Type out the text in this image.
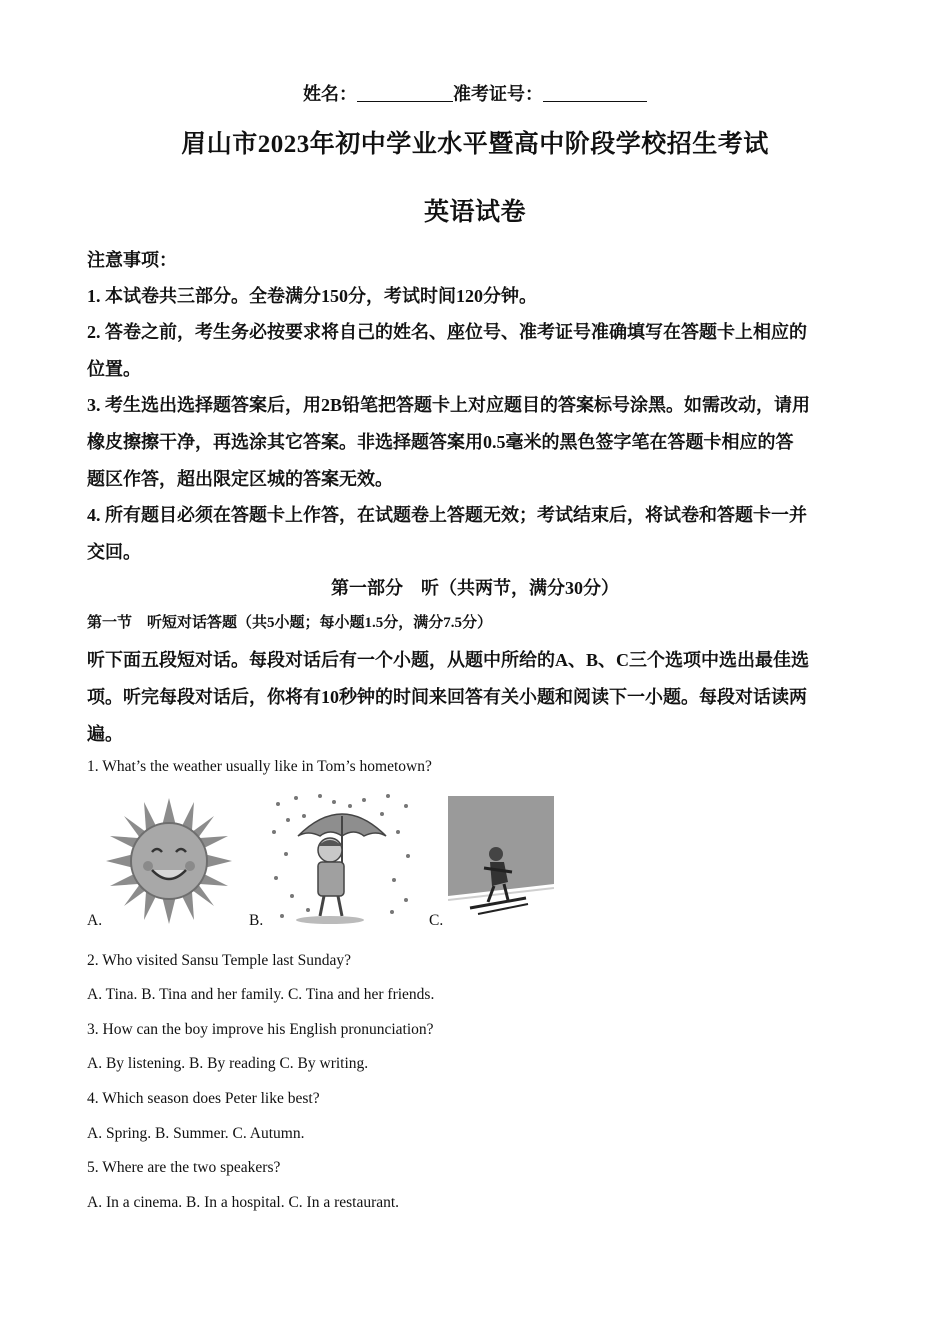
姓名：	准考证号：
眉山市2023年初中学业水平暨高中阶段学校招生考试
英语试卷
注意事项：
1. 本试卷共三部分。全卷满分150分，考试时间120分钟。
2. 答卷之前，考生务必按要求将自己的姓名、座位号、准考证号准确填写在答题卡上相应的
位置。
3. 考生选出选择题答案后，用2B铅笔把答题卡上对应题目的答案标号涂黑。如需改动，请用
橡皮擦擦干净，再选涂其它答案。非选择题答案用0.5毫米的黑色签字笔在答题卡相应的答
题区作答，超出限定区城的答案无效。
4. 所有题目必须在答题卡上作答，在试题卷上答题无效；考试结束后，将试卷和答题卡一并
交回。
第一部分　听（共两节，满分30分）
第一节　听短对话答题（共5小题；每小题1.5分，满分7.5分）
听下面五段短对话。每段对话后有一个小题，从题中所给的A、B、C三个选项中选出最佳选
项。听完每段对话后，你将有10秒钟的时间来回答有关小题和阅读下一小题。每段对话读两
遍。
1. What’s the weather usually like in Tom’s hometown?
A.	B.	C.
2. Who visited Sansu Temple last Sunday?
A. Tina. B. Tina and her family. C. Tina and her friends.
3. How can the boy improve his English pronunciation?
A. By listening. B. By reading C. By writing.
4. Which season does Peter like best?
A. Spring. B. Summer. C. Autumn.
5. Where are the two speakers?
A. In a cinema. B. In a hospital. C. In a restaurant.
